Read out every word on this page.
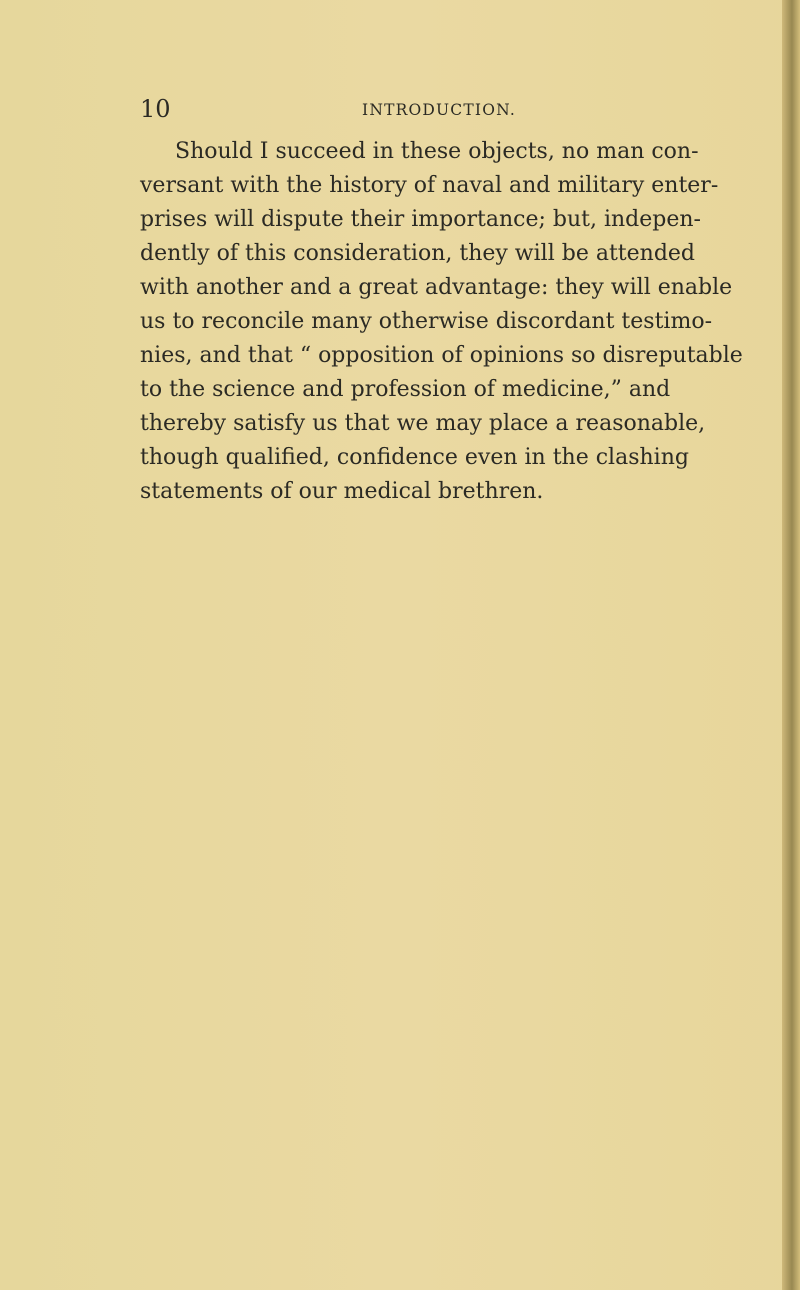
10	INTRODUCTION.
Should I succeed in these objects, no man con-
versant with the history of naval and military enter-
prises will dispute their importance; but, indepen-
dently of this consideration, they will be attended
with another and a great advantage: they will enable
us to reconcile many otherwise discordant testimo-
nies, and that “ opposition of opinions so disreputable
to the science and profession of medicine,” and
thereby satisfy us that we may place a reasonable,
though qualified, confidence even in the clashing
statements of our medical brethren.
